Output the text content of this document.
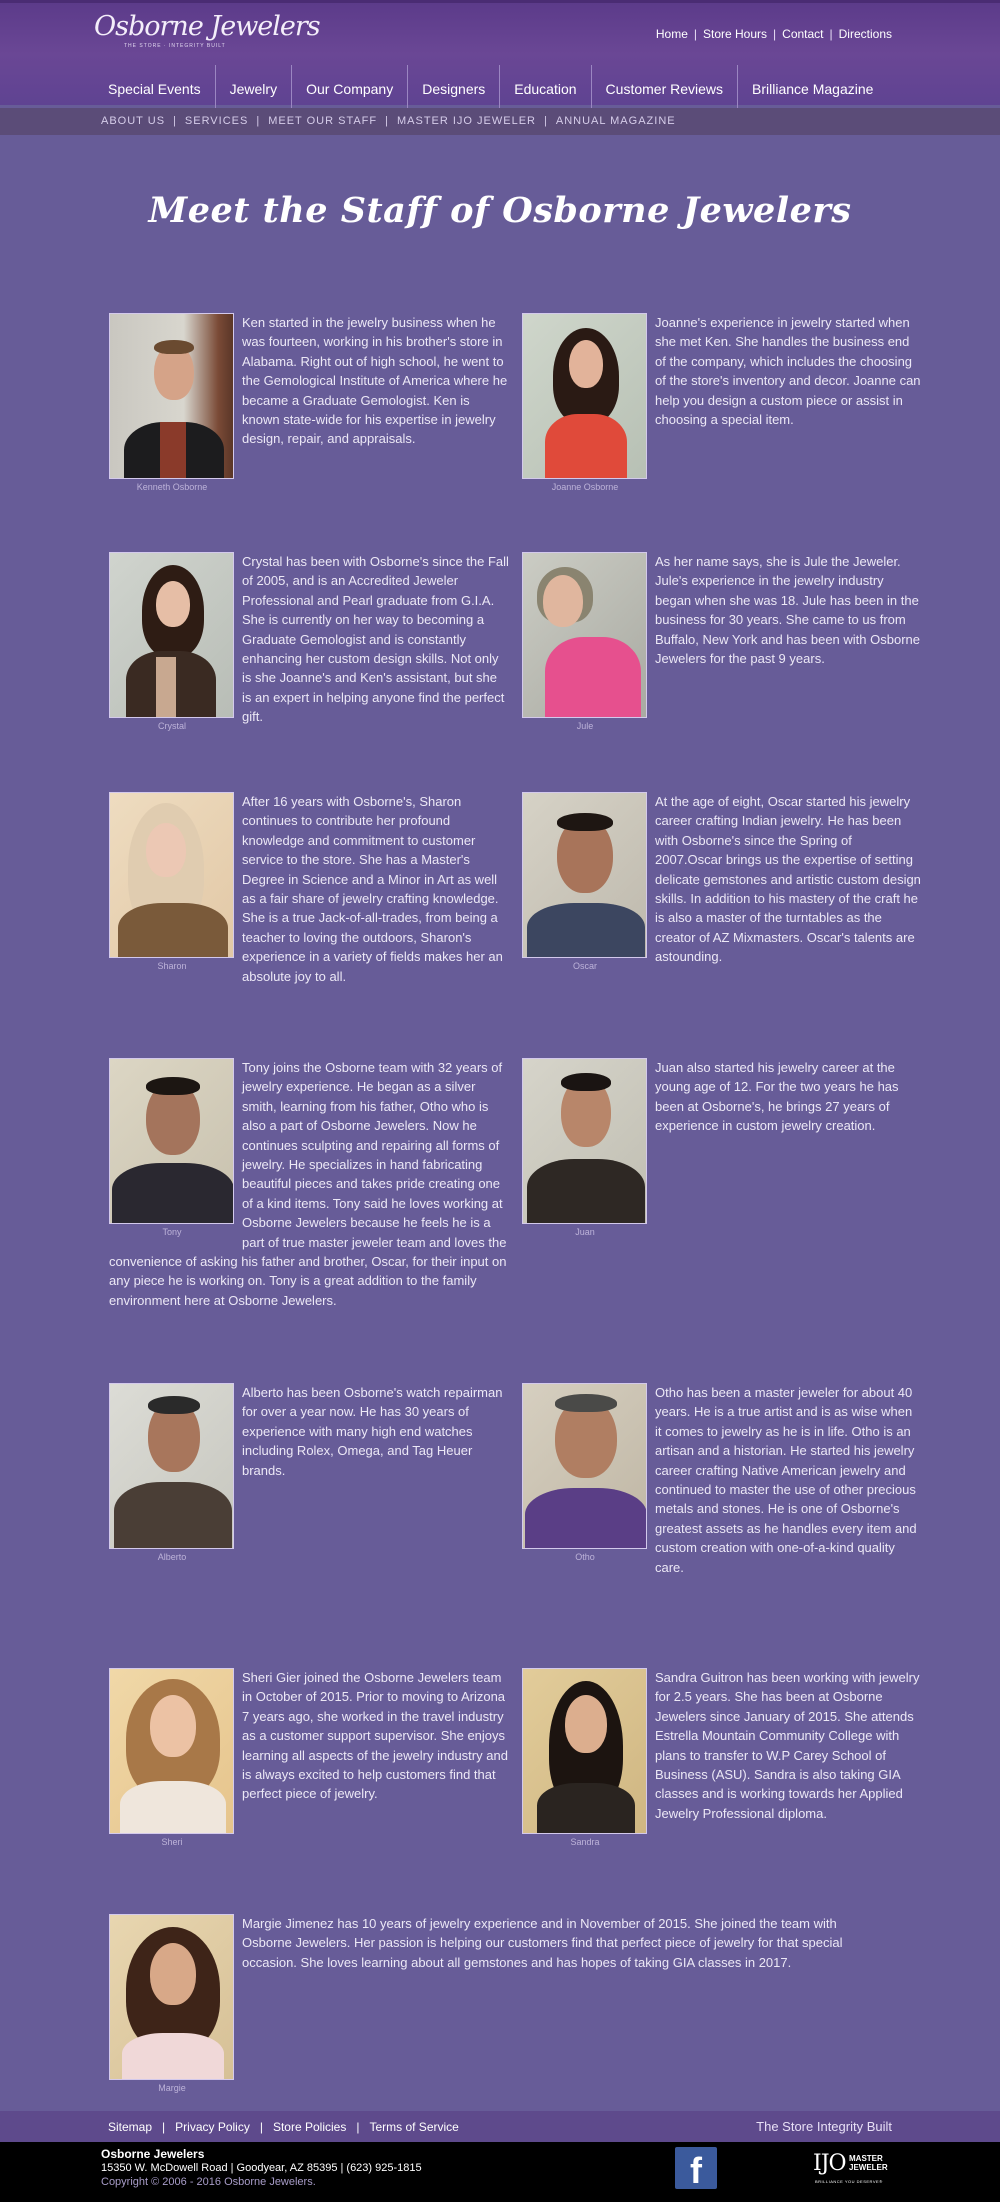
Osborne Jewelers
THE STORE · INTEGRITY BUILT
Home | Store Hours | Contact | Directions
Special Events	Jewelry	Our Company	Designers	Education	Customer Reviews	Brilliance Magazine
ABOUT US | SERVICES | MEET OUR STAFF | MASTER IJO JEWELER | ANNUAL MAGAZINE
Meet the Staff of Osborne Jewelers
Kenneth Osborne

Ken started in the jewelry business when he was fourteen, working in his brother's store in Alabama. Right out of high school, he went to the Gemological Institute of America where he became a Graduate Gemologist. Ken is known state-wide for his expertise in jewelry design, repair, and appraisals.

Joanne Osborne

Joanne's experience in jewelry started when she met Ken. She handles the business end of the company, which includes the choosing of the store's inventory and decor. Joanne can help you design a custom piece or assist in choosing a special item.

Crystal

Crystal has been with Osborne's since the Fall of 2005, and is an Accredited Jeweler Professional and Pearl graduate from G.I.A. She is currently on her way to becoming a Graduate Gemologist and is constantly enhancing her custom design skills. Not only is she Joanne's and Ken's assistant, but she is an expert in helping anyone find the perfect gift.

Jule

As her name says, she is Jule the Jeweler. Jule's experience in the jewelry industry began when she was 18. Jule has been in the business for 30 years. She came to us from Buffalo, New York and has been with Osborne Jewelers for the past 9 years.

Sharon

After 16 years with Osborne's, Sharon continues to contribute her profound knowledge and commitment to customer service to the store. She has a Master's Degree in Science and a Minor in Art as well as a fair share of jewelry crafting knowledge. She is a true Jack-of-all-trades, from being a teacher to loving the outdoors, Sharon's experience in a variety of fields makes her an absolute joy to all.

Oscar

At the age of eight, Oscar started his jewelry career crafting Indian jewelry. He has been with Osborne's since the Spring of 2007.Oscar brings us the expertise of setting delicate gemstones and artistic custom design skills. In addition to his mastery of the craft he is also a master of the turntables as the creator of AZ Mixmasters. Oscar's talents are astounding.

Tony

Tony joins the Osborne team with 32 years of jewelry experience. He began as a silver smith, learning from his father, Otho who is also a part of Osborne Jewelers. Now he continues sculpting and repairing all forms of jewelry. He specializes in hand fabricating beautiful pieces and takes pride creating one of a kind items. Tony said he loves working at Osborne Jewelers because he feels he is a part of true master jeweler team and loves the convenience of asking his father and brother, Oscar, for their input on any piece he is working on. Tony is a great addition to the family environment here at Osborne Jewelers.

Juan

Juan also started his jewelry career at the young age of 12. For the two years he has been at Osborne's, he brings 27 years of experience in custom jewelry creation.

Alberto

Alberto has been Osborne's watch repairman for over a year now. He has 30 years of experience with many high end watches including Rolex, Omega, and Tag Heuer brands.

Otho

Otho has been a master jeweler for about 40 years. He is a true artist and is as wise when it comes to jewelry as he is in life. Otho is an artisan and a historian. He started his jewelry career crafting Native American jewelry and continued to master the use of other precious metals and stones. He is one of Osborne's greatest assets as he handles every item and custom creation with one-of-a-kind quality care.

Sheri

Sheri Gier joined the Osborne Jewelers team in October of 2015. Prior to moving to Arizona 7 years ago, she worked in the travel industry as a customer support supervisor. She enjoys learning all aspects of the jewelry industry and is always excited to help customers find that perfect piece of jewelry.

Sandra

Sandra Guitron has been working with jewelry for 2.5 years. She has been at Osborne Jewelers since January of 2015. She attends Estrella Mountain Community College with plans to transfer to W.P Carey School of Business (ASU). Sandra is also taking GIA classes and is working towards her Applied Jewelry Professional diploma.

Margie

Margie Jimenez has 10 years of jewelry experience and in November of 2015. She joined the team with Osborne Jewelers. Her passion is helping our customers find that perfect piece of jewelry for that special occasion. She loves learning about all gemstones and has hopes of taking GIA classes in 2017.

Sitemap | Privacy Policy | Store Policies | Terms of Service	The Store Integrity Built
Osborne Jewelers
15350 W. McDowell Road | Goodyear, AZ 85395 | (623) 925-1815
Copyright © 2006 - 2016 Osborne Jewelers.	f	IJO MASTER
JEWELER
BRILLIANCE YOU DESERVE®
